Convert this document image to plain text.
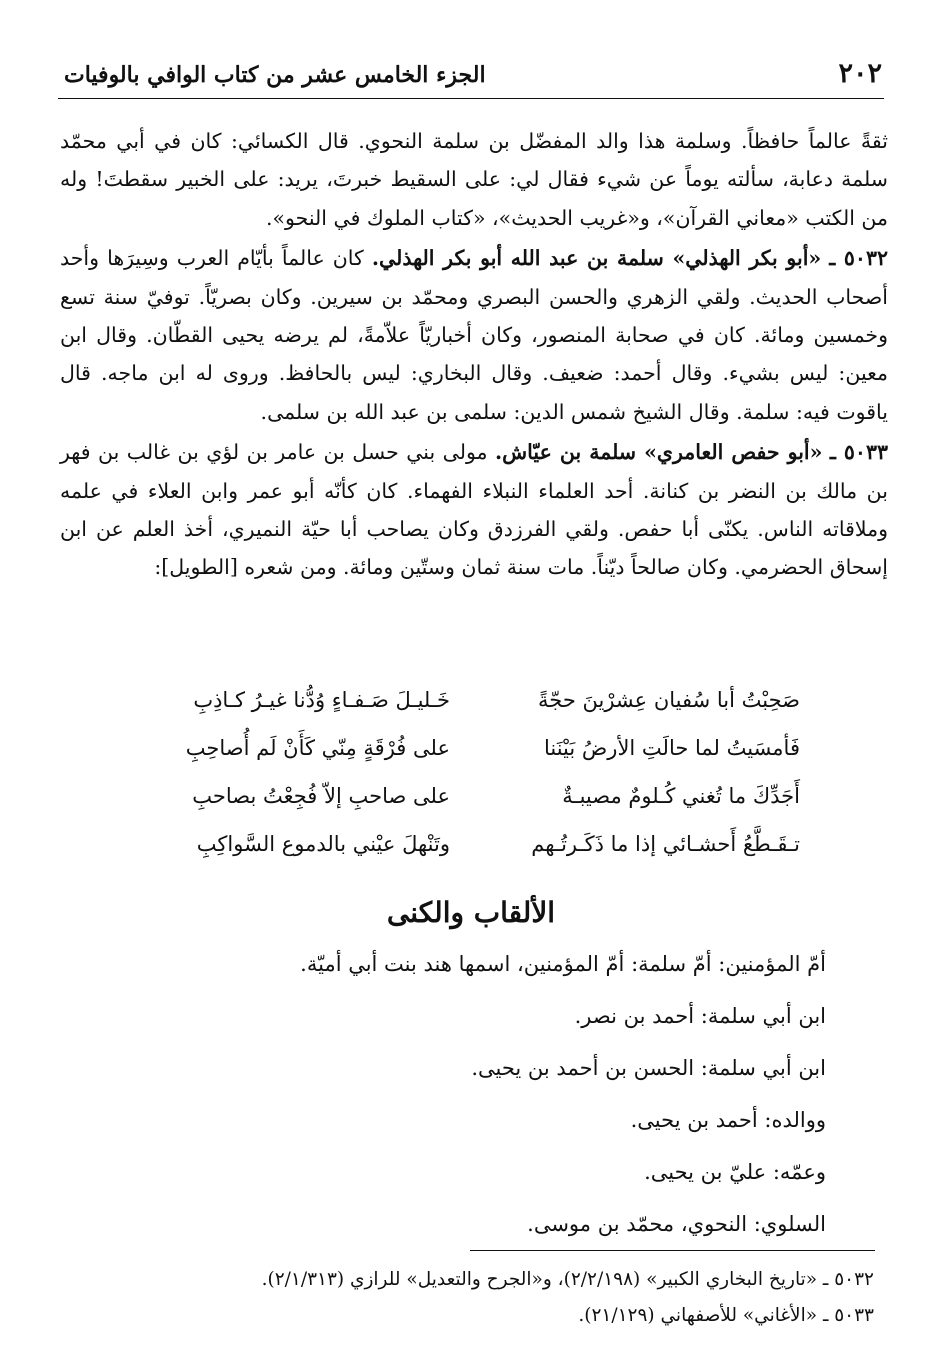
٢٠٢
الجزء الخامس عشر من كتاب الوافي بالوفيات

ثقةً عالماً حافظاً. وسلمة هذا والد المفضّل بن سلمة النحوي. قال الكسائي: كان في أبي محمّد سلمة دعابة، سألته يوماً عن شيء فقال لي: على السقيط خبرتَ، يريد: على الخبير سقطتَ! وله من الكتب «معاني القرآن»، و«غريب الحديث»، «كتاب الملوك في النحو».

٥٠٣٢ ـ «أبو بكر الهذلي» سلمة بن عبد الله أبو بكر الهذلي. كان عالماً بأيّام العرب وسِيرَها وأحد أصحاب الحديث. ولقي الزهري والحسن البصري ومحمّد بن سيرين. وكان بصريّاً. توفيّ سنة تسع وخمسين ومائة. كان في صحابة المنصور، وكان أخباريّاً علاّمةً، لم يرضه يحيى القطّان. وقال ابن معين: ليس بشيء. وقال أحمد: ضعيف. وقال البخاري: ليس بالحافظ. وروى له ابن ماجه. قال ياقوت فيه: سلمة. وقال الشيخ شمس الدين: سلمى بن عبد الله بن سلمى.

٥٠٣٣ ـ «أبو حفص العامري» سلمة بن عيّاش. مولى بني حسل بن عامر بن لؤي بن غالب بن فهر بن مالك بن النضر بن كنانة. أحد العلماء النبلاء الفهماء. كان كأنّه أبو عمر وابن العلاء في علمه وملاقاته الناس. يكنّى أبا حفص. ولقي الفرزدق وكان يصاحب أبا حيّة النميري، أخذ العلم عن ابن إسحاق الحضرمي. وكان صالحاً ديّناً. مات سنة ثمان وستّين ومائة. ومن شعره [الطويل]:

صَحِبْتُ أبا سُفيان عِشرْينَ حجّةً
خَـليـلَ صَـفـاءٍ وُدُّنا غيـرُ كـاذِبِ
فَأمسَيتُ لما حالَتِ الأرضُ بَيْنَنا
على فُرْقَةٍ مِنّي كَأَنْ لَم أُصاحِبِ
أَجَدِّكَ ما تُغني كُـلومٌ مصيبـةٌ
على صاحبِ إلاّ فُجِعْتُ بصاحبِ
تـقَـطَّعُ أَحشـائي إذا ما ذَكَـرتُـهم
وتَنْهلَ عيْني بالدموع السَّواكِبِ
الألقاب والكنى
أمّ المؤمنين: أمّ سلمة: أمّ المؤمنين، اسمها هند بنت أبي أميّة.
ابن أبي سلمة: أحمد بن نصر.
ابن أبي سلمة: الحسن بن أحمد بن يحيى.
ووالده: أحمد بن يحيى.
وعمّه: عليّ بن يحيى.
السلوي: النحوي، محمّد بن موسى.
٥٠٣٢ ـ «تاريخ البخاري الكبير» (٢/٢/١٩٨)، و«الجرح والتعديل» للرازي (٢/١/٣١٣).
٥٠٣٣ ـ «الأغاني» للأصفهاني (٢١/١٢٩).
